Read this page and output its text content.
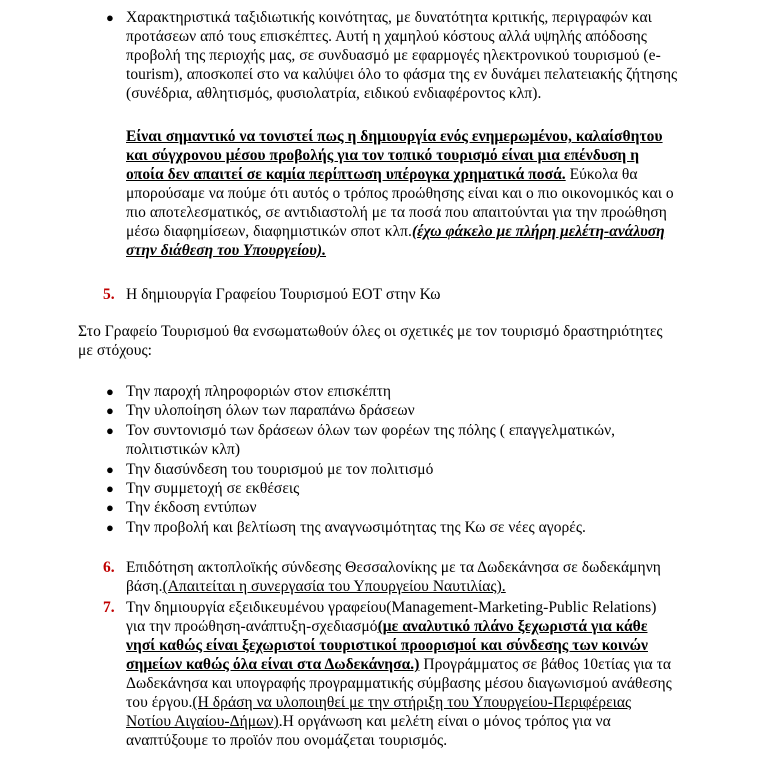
● Χαρακτηριστικά ταξιδιωτικής κοινότητας, με δυνατότητα κριτικής, περιγραφών και
προτάσεων από τους επισκέπτες. Αυτή η χαμηλού κόστους αλλά υψηλής απόδοσης
προβολή της περιοχής μας, σε συνδυασμό με εφαρμογές ηλεκτρονικού τουρισμού (e-
tourism), αποσκοπεί στο να καλύψει όλο το φάσμα της εν δυνάμει πελατειακής ζήτησης
(συνέδρια, αθλητισμός, φυσιολατρία, ειδικού ενδιαφέροντος κλπ).
Είναι σημαντικό να τονιστεί πως η δημιουργία ενός ενημερωμένου, καλαίσθητου
και σύγχρονου μέσου προβολής για τον τοπικό τουρισμό είναι μια επένδυση η
οποία δεν απαιτεί σε καμία περίπτωση υπέρογκα χρηματικά ποσά. Εύκολα θα
μπορούσαμε να πούμε ότι αυτός ο τρόπος προώθησης είναι και ο πιο οικονομικός και ο
πιο αποτελεσματικός, σε αντιδιαστολή με τα ποσά που απαιτούνται για την προώθηση
μέσω διαφημίσεων, διαφημιστικών σποτ κλπ.(έχω φάκελο με πλήρη μελέτη-ανάλυση
στην διάθεση του Υπουργείου).
5. Η δημιουργία Γραφείου Τουρισμού ΕΟΤ στην Κω
Στο Γραφείο Τουρισμού θα ενσωματωθούν όλες οι σχετικές με τον τουρισμό δραστηριότητες
με στόχους:
● Την παροχή πληροφοριών στον επισκέπτη
● Την υλοποίηση όλων των παραπάνω δράσεων
● Τον συντονισμό των δράσεων όλων των φορέων της πόλης ( επαγγελματικών,
πολιτιστικών κλπ)
● Την διασύνδεση του τουρισμού με τον πολιτισμό
● Την συμμετοχή σε εκθέσεις
● Την έκδοση εντύπων
● Την προβολή και βελτίωση της αναγνωσιμότητας της Κω σε νέες αγορές.
6. Επιδότηση ακτοπλοϊκής σύνδεσης Θεσσαλονίκης με τα Δωδεκάνησα σε δωδεκάμηνη
βάση.(Απαιτείται η συνεργασία του Υπουργείου Ναυτιλίας).
7. Την δημιουργία εξειδικευμένου γραφείου(Management-Marketing-Public Relations)
για την προώθηση-ανάπτυξη-σχεδιασμό(με αναλυτικό πλάνο ξεχωριστά για κάθε
νησί καθώς είναι ξεχωριστοί τουριστικοί προορισμοί και σύνδεσης των κοινών
σημείων καθώς όλα είναι στα Δωδεκάνησα.) Προγράμματος σε βάθος 10ετίας για τα
Δωδεκάνησα και υπογραφής προγραμματικής σύμβασης μέσου διαγωνισμού ανάθεσης
του έργου.(Η δράση να υλοποιηθεί με την στήριξη του Υπουργείου-Περιφέρειας
Νοτίου Αιγαίου-Δήμων).Η οργάνωση και μελέτη είναι ο μόνος τρόπος για να
αναπτύξουμε το προϊόν που ονομάζεται τουρισμός.
